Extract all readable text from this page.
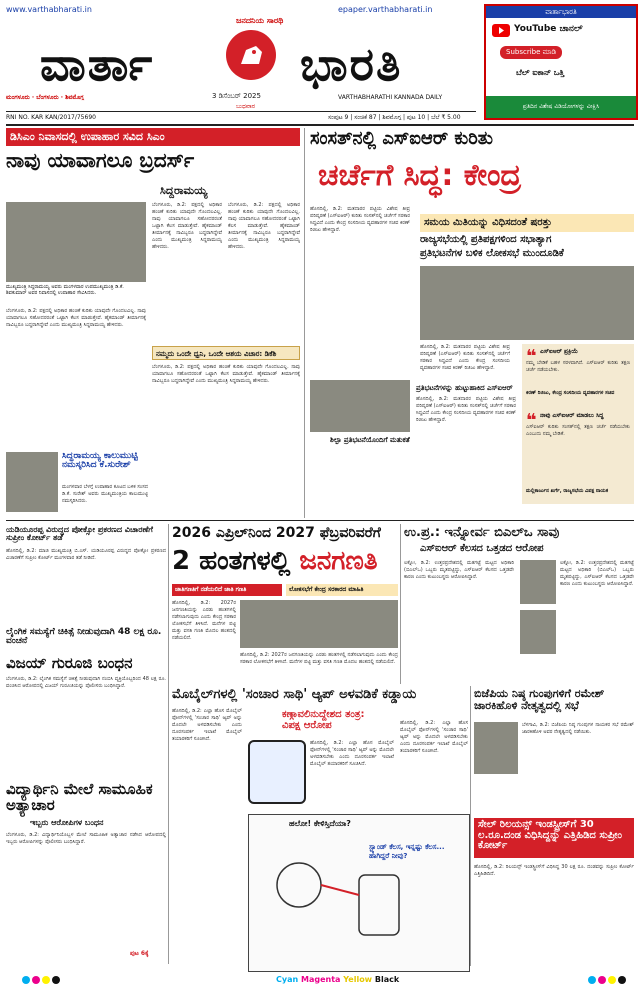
www.varthabharati.in	epaper.varthabharati.in
ಜನದನಿಯ ಸಾರಥಿ
ವಾರ್ತಾ	ಭಾರತಿ
ಮಂಗಳೂರು · ಬೆಂಗಳೂರು · ಶಿವಮೊಗ್ಗ	3 ಡಿಸೆಂಬರ್ 2025
ಬುಧವಾರ
VARTHABHARATHI KANNADA DAILY
RNI NO. KAR KAN/2017/75690	ಸಂಪುಟ 9 | ಸಂಚಿಕೆ 87 | ಶಿವಮೊಗ್ಗ | ಪುಟ 10 | ಬೆಲೆ ₹ 5.00
ವಾರ್ತಾಭಾರತಿ
YouTube ಚಾನಲ್
Subscribe ಮಾಡಿ
ಬೆಲ್ ಐಕಾನ್ ಒತ್ತಿ
ಪ್ರತಿದಿನ ವಿಶೇಷ ವಿಡಿಯೋಗಳನ್ನು ವೀಕ್ಷಿಸಿ
ಡಿಸಿಎಂ ನಿವಾಸದಲ್ಲಿ ಉಪಾಹಾರ ಸವಿದ ಸಿಎಂ
ನಾವು ಯಾವಾಗಲೂ ಬ್ರದರ್ಸ್
ಸಿದ್ದರಾಮಯ್ಯ
ಮುಖ್ಯಮಂತ್ರಿ ಸಿದ್ದರಾಮಯ್ಯ ಅವರು ಮಂಗಳವಾರ ಉಪಮುಖ್ಯಮಂತ್ರಿ ಡಿ.ಕೆ. ಶಿವಕುಮಾರ್ ಅವರ ನಿವಾಸದಲ್ಲಿ ಉಪಾಹಾರ ಸೇವಿಸಿದರು.
ಬೆಂಗಳೂರು, ಡಿ.2: ಪಕ್ಷದಲ್ಲಿ ಅಧಿಕಾರ ಹಂಚಿಕೆ ಕುರಿತು ಯಾವುದೇ ಗೊಂದಲವಿಲ್ಲ. ನಾವು ಯಾವಾಗಲೂ ಸಹೋದರರಂತೆ ಒಟ್ಟಾಗಿ ಕೆಲಸ ಮಾಡುತ್ತೇವೆ. ಹೈಕಮಾಂಡ್ ತೀರ್ಮಾನಕ್ಕೆ ನಾವಿಬ್ಬರೂ ಬದ್ಧರಾಗಿದ್ದೇವೆ ಎಂದು ಮುಖ್ಯಮಂತ್ರಿ ಸಿದ್ದರಾಮಯ್ಯ ಹೇಳಿದರು.
ಬೆಂಗಳೂರು, ಡಿ.2: ಪಕ್ಷದಲ್ಲಿ ಅಧಿಕಾರ ಹಂಚಿಕೆ ಕುರಿತು ಯಾವುದೇ ಗೊಂದಲವಿಲ್ಲ. ನಾವು ಯಾವಾಗಲೂ ಸಹೋದರರಂತೆ ಒಟ್ಟಾಗಿ ಕೆಲಸ ಮಾಡುತ್ತೇವೆ. ಹೈಕಮಾಂಡ್ ತೀರ್ಮಾನಕ್ಕೆ ನಾವಿಬ್ಬರೂ ಬದ್ಧರಾಗಿದ್ದೇವೆ ಎಂದು ಮುಖ್ಯಮಂತ್ರಿ ಸಿದ್ದರಾಮಯ್ಯ ಹೇಳಿದರು.
ಬೆಂಗಳೂರು, ಡಿ.2: ಪಕ್ಷದಲ್ಲಿ ಅಧಿಕಾರ ಹಂಚಿಕೆ ಕುರಿತು ಯಾವುದೇ ಗೊಂದಲವಿಲ್ಲ. ನಾವು ಯಾವಾಗಲೂ ಸಹೋದರರಂತೆ ಒಟ್ಟಾಗಿ ಕೆಲಸ ಮಾಡುತ್ತೇವೆ. ಹೈಕಮಾಂಡ್ ತೀರ್ಮಾನಕ್ಕೆ ನಾವಿಬ್ಬರೂ ಬದ್ಧರಾಗಿದ್ದೇವೆ ಎಂದು ಮುಖ್ಯಮಂತ್ರಿ ಸಿದ್ದರಾಮಯ್ಯ ಹೇಳಿದರು.
ನಮ್ಮದು ಒಂದೇ ಧ್ವನಿ, ಒಂದೇ ಆಶಯ ವಿಚಾರ: ಡಿಕೆಶಿ
ಬೆಂಗಳೂರು, ಡಿ.2: ಪಕ್ಷದಲ್ಲಿ ಅಧಿಕಾರ ಹಂಚಿಕೆ ಕುರಿತು ಯಾವುದೇ ಗೊಂದಲವಿಲ್ಲ. ನಾವು ಯಾವಾಗಲೂ ಸಹೋದರರಂತೆ ಒಟ್ಟಾಗಿ ಕೆಲಸ ಮಾಡುತ್ತೇವೆ. ಹೈಕಮಾಂಡ್ ತೀರ್ಮಾನಕ್ಕೆ ನಾವಿಬ್ಬರೂ ಬದ್ಧರಾಗಿದ್ದೇವೆ ಎಂದು ಮುಖ್ಯಮಂತ್ರಿ ಸಿದ್ದರಾಮಯ್ಯ ಹೇಳಿದರು.
ಸಿದ್ದರಾಮಯ್ಯ ಕಾಲುಮುಟ್ಟಿ ನಮಸ್ಕರಿಸಿದ ಕೆ.ಸುರೇಶ್
ಮಂಗಳವಾರ ಬೆಳಗ್ಗೆ ಉಪಾಹಾರ ಕೂಟದ ಬಳಿಕ ಸಂಸದ ಡಿ.ಕೆ. ಸುರೇಶ್ ಅವರು ಮುಖ್ಯಮಂತ್ರಿಯ ಕಾಲುಮುಟ್ಟಿ ನಮಸ್ಕರಿಸಿದರು.
ಸಂಸತ್‌ನಲ್ಲಿ ಎಸ್‌ಐಆರ್ ಕುರಿತು
ಚರ್ಚೆಗೆ ಸಿದ್ಧ: ಕೇಂದ್ರ
ಹೊಸದಿಲ್ಲಿ, ಡಿ.2: ಮತದಾರರ ಪಟ್ಟಿಯ ವಿಶೇಷ ತೀವ್ರ ಪರಿಷ್ಕರಣೆ (ಎಸ್‌ಐಆರ್) ಕುರಿತು ಸಂಸತ್‌ನಲ್ಲಿ ಚರ್ಚೆಗೆ ಸರಕಾರ ಸಿದ್ಧವಿದೆ ಎಂದು ಕೇಂದ್ರ ಸಂಸದೀಯ ವ್ಯವಹಾರಗಳ ಸಚಿವ ಕಿರಣ್ ರಿಜಿಜು ಹೇಳಿದ್ದಾರೆ.
ಸಮಯ ಮಿತಿಯನ್ನು ವಿಧಿಸದಂತೆ ಷರತ್ತು
ರಾಜ್ಯಸಭೆಯಲ್ಲಿ ಪ್ರತಿಪಕ್ಷಗಳಿಂದ ಸಭಾತ್ಯಾಗ
ಪ್ರತಿಭಟನೆಗಳ ಬಳಿಕ ಲೋಕಸಭೆ ಮುಂದೂಡಿಕೆ
ಹೊಸದಿಲ್ಲಿ, ಡಿ.2: ಮತದಾರರ ಪಟ್ಟಿಯ ವಿಶೇಷ ತೀವ್ರ ಪರಿಷ್ಕರಣೆ (ಎಸ್‌ಐಆರ್) ಕುರಿತು ಸಂಸತ್‌ನಲ್ಲಿ ಚರ್ಚೆಗೆ ಸರಕಾರ ಸಿದ್ಧವಿದೆ ಎಂದು ಕೇಂದ್ರ ಸಂಸದೀಯ ವ್ಯವಹಾರಗಳ ಸಚಿವ ಕಿರಣ್ ರಿಜಿಜು ಹೇಳಿದ್ದಾರೆ.
ಪ್ರತಿಭಟನೆಗಳನ್ನು ಹುಟ್ಟುಹಾಕಿದ ಎಸ್‌ಐಆರ್
ಶಿಲ್ಪಾ ಪ್ರತಿಭಟನೆಯೊಂದಿಗೆ ಮತುಕತೆ
ಹೊಸದಿಲ್ಲಿ, ಡಿ.2: ಮತದಾರರ ಪಟ್ಟಿಯ ವಿಶೇಷ ತೀವ್ರ ಪರಿಷ್ಕರಣೆ (ಎಸ್‌ಐಆರ್) ಕುರಿತು ಸಂಸತ್‌ನಲ್ಲಿ ಚರ್ಚೆಗೆ ಸರಕಾರ ಸಿದ್ಧವಿದೆ ಎಂದು ಕೇಂದ್ರ ಸಂಸದೀಯ ವ್ಯವಹಾರಗಳ ಸಚಿವ ಕಿರಣ್ ರಿಜಿಜು ಹೇಳಿದ್ದಾರೆ.
❝ ಎಸ್‌ಐಆರ್ ಪ್ರಕ್ರಿಯೆ
ನಮ್ಮ ಬೇಡಿಕೆ ಬಹಳ ಸರಳವಾಗಿದೆ. ಎಸ್‌ಐಆರ್ ಕುರಿತು ತಕ್ಷಣ ಚರ್ಚೆ ನಡೆಯಬೇಕು.
ಕಿರಣ್ ರಿಜಿಜು, ಕೇಂದ್ರ ಸಂಸದೀಯ ವ್ಯವಹಾರಗಳ ಸಚಿವ
❝ ನಾವು ಎಸ್‌ಐಆರ್ ಮಾಡಲು ಸಿದ್ಧ
ಎಸ್‌ಐಆರ್ ಕುರಿತು ಸಂಸತ್‌ನಲ್ಲಿ ತಕ್ಷಣ ಚರ್ಚೆ ನಡೆಯಬೇಕು ಎಂಬುದು ನಮ್ಮ ಬೇಡಿಕೆ.
ಮಲ್ಲಿಕಾರ್ಜುನ ಖರ್ಗೆ, ರಾಜ್ಯಸಭೆಯ ವಿಪಕ್ಷ ನಾಯಕ
ಯಡಿಯೂರಪ್ಪ ವಿರುದ್ಧದ ಪೋಕ್ಸೋ ಪ್ರಕರಣದ ವಿಚಾರಣೆಗೆ ಸುಪ್ರೀಂ ಕೋರ್ಟ್ ತಡೆ
ಹೊಸದಿಲ್ಲಿ, ಡಿ.2: ಮಾಜಿ ಮುಖ್ಯಮಂತ್ರಿ ಬಿ.ಎಸ್. ಯಡಿಯೂರಪ್ಪ ವಿರುದ್ಧದ ಪೋಕ್ಸೋ ಪ್ರಕರಣದ ವಿಚಾರಣೆಗೆ ಸುಪ್ರೀಂ ಕೋರ್ಟ್ ಮಂಗಳವಾರ ತಡೆ ನೀಡಿದೆ.
2026 ಎಪ್ರಿಲ್‌ನಿಂದ 2027 ಫೆಬ್ರವರಿವರೆಗೆ
2 ಹಂತಗಳಲ್ಲಿ ಜನಗಣತಿ
ಜಾತಿಗಣತಿಗೆ ನಡೆಯಲಿದೆ ಜಾತಿ ಗಣತಿ	ಲೋಕಸಭೆಗೆ ಕೇಂದ್ರ ಸರಕಾರದ ಮಾಹಿತಿ
ಹೊಸದಿಲ್ಲಿ, ಡಿ.2: 2027ರ ಜನಗಣತಿಯನ್ನು ಎರಡು ಹಂತಗಳಲ್ಲಿ ನಡೆಸಲಾಗುವುದು ಎಂದು ಕೇಂದ್ರ ಸರಕಾರ ಲೋಕಸಭೆಗೆ ತಿಳಿಸಿದೆ. ಮನೆಗಳ ಪಟ್ಟಿ ಮತ್ತು ವಸತಿ ಗಣತಿ ಮೊದಲ ಹಂತದಲ್ಲಿ ನಡೆಯಲಿದೆ.
ಹೊಸದಿಲ್ಲಿ, ಡಿ.2: 2027ರ ಜನಗಣತಿಯನ್ನು ಎರಡು ಹಂತಗಳಲ್ಲಿ ನಡೆಸಲಾಗುವುದು ಎಂದು ಕೇಂದ್ರ ಸರಕಾರ ಲೋಕಸಭೆಗೆ ತಿಳಿಸಿದೆ. ಮನೆಗಳ ಪಟ್ಟಿ ಮತ್ತು ವಸತಿ ಗಣತಿ ಮೊದಲ ಹಂತದಲ್ಲಿ ನಡೆಯಲಿದೆ.
ಉ.ಪ್ರ.: ಇನ್ನೋರ್ವ ಬಿಎಲ್‌ಒ ಸಾವು
ಎಸ್‌ಐಆರ್ ಕೆಲಸದ ಒತ್ತಡದ ಆರೋಪ
ಲಕ್ನೋ, ಡಿ.2: ಉತ್ತರಪ್ರದೇಶದಲ್ಲಿ ಮತಗಟ್ಟೆ ಮಟ್ಟದ ಅಧಿಕಾರಿ (ಬಿಎಲ್‌ಒ) ಒಬ್ಬರು ಮೃತಪಟ್ಟಿದ್ದು, ಎಸ್‌ಐಆರ್ ಕೆಲಸದ ಒತ್ತಡವೇ ಕಾರಣ ಎಂದು ಕುಟುಂಬಸ್ಥರು ಆರೋಪಿಸಿದ್ದಾರೆ.
ಲಕ್ನೋ, ಡಿ.2: ಉತ್ತರಪ್ರದೇಶದಲ್ಲಿ ಮತಗಟ್ಟೆ ಮಟ್ಟದ ಅಧಿಕಾರಿ (ಬಿಎಲ್‌ಒ) ಒಬ್ಬರು ಮೃತಪಟ್ಟಿದ್ದು, ಎಸ್‌ಐಆರ್ ಕೆಲಸದ ಒತ್ತಡವೇ ಕಾರಣ ಎಂದು ಕುಟುಂಬಸ್ಥರು ಆರೋಪಿಸಿದ್ದಾರೆ.
ಲೈಂಗಿಕ ಸಮಸ್ಯೆಗೆ ಚಿಕಿತ್ಸೆ ನೀಡುವುದಾಗಿ 48 ಲಕ್ಷ ರೂ. ವಂಚನೆ
ವಿಜಯ್ ಗುರೂಜಿ ಬಂಧನ
ಬೆಂಗಳೂರು, ಡಿ.2: ಲೈಂಗಿಕ ಸಮಸ್ಯೆಗೆ ಚಿಕಿತ್ಸೆ ನೀಡುವುದಾಗಿ ನಂಬಿಸಿ ವ್ಯಕ್ತಿಯೊಬ್ಬರಿಂದ 48 ಲಕ್ಷ ರೂ. ವಂಚಿಸಿದ ಆರೋಪದಲ್ಲಿ ವಿಜಯ್ ಗುರೂಜಿಯನ್ನು ಪೊಲೀಸರು ಬಂಧಿಸಿದ್ದಾರೆ.
ಮೊಬೈಲ್‌ಗಳಲ್ಲಿ 'ಸಂಚಾರ ಸಾಥಿ' ಆ್ಯಪ್ ಅಳವಡಿಕೆ ಕಡ್ಡಾಯ
ಕಣ್ಗಾವಲಿನುದ್ದೇಶದ ತಂತ್ರ:
ವಿಪಕ್ಷ ಆರೋಪ
ಹೊಸದಿಲ್ಲಿ, ಡಿ.2: ಎಲ್ಲಾ ಹೊಸ ಮೊಬೈಲ್ ಫೋನ್‌ಗಳಲ್ಲಿ 'ಸಂಚಾರ ಸಾಥಿ' ಆ್ಯಪ್ ಅನ್ನು ಮೊದಲೇ ಅಳವಡಿಸಬೇಕು ಎಂದು ದೂರಸಂಪರ್ಕ ಇಲಾಖೆ ಮೊಬೈಲ್ ತಯಾರಕರಿಗೆ ಸೂಚಿಸಿದೆ.
ಹೊಸದಿಲ್ಲಿ, ಡಿ.2: ಎಲ್ಲಾ ಹೊಸ ಮೊಬೈಲ್ ಫೋನ್‌ಗಳಲ್ಲಿ 'ಸಂಚಾರ ಸಾಥಿ' ಆ್ಯಪ್ ಅನ್ನು ಮೊದಲೇ ಅಳವಡಿಸಬೇಕು ಎಂದು ದೂರಸಂಪರ್ಕ ಇಲಾಖೆ ಮೊಬೈಲ್ ತಯಾರಕರಿಗೆ ಸೂಚಿಸಿದೆ.
ಹೊಸದಿಲ್ಲಿ, ಡಿ.2: ಎಲ್ಲಾ ಹೊಸ ಮೊಬೈಲ್ ಫೋನ್‌ಗಳಲ್ಲಿ 'ಸಂಚಾರ ಸಾಥಿ' ಆ್ಯಪ್ ಅನ್ನು ಮೊದಲೇ ಅಳವಡಿಸಬೇಕು ಎಂದು ದೂರಸಂಪರ್ಕ ಇಲಾಖೆ ಮೊಬೈಲ್ ತಯಾರಕರಿಗೆ ಸೂಚಿಸಿದೆ.
ಹಲೋ! ಕೇಳಿಸ್ತಿದೆಯಾ?
ಸ್ಟ್ಯಾಂಡ್ ಕೆಲಸ, ಇನ್ನಷ್ಟು ಕೆಲಸ... ಹಾಗಿದ್ದರೆ ನೀವು?
ವಿದ್ಯಾರ್ಥಿನಿ ಮೇಲೆ ಸಾಮೂಹಿಕ ಅತ್ಯಾಚಾರ
ಇಬ್ಬರು ಆರೋಪಿಗಳ ಬಂಧನ
ಬೆಂಗಳೂರು, ಡಿ.2: ವಿದ್ಯಾರ್ಥಿನಿಯೊಬ್ಬಳ ಮೇಲೆ ಸಾಮೂಹಿಕ ಅತ್ಯಾಚಾರ ನಡೆಸಿದ ಆರೋಪದಲ್ಲಿ ಇಬ್ಬರು ಆರೋಪಿಗಳನ್ನು ಪೊಲೀಸರು ಬಂಧಿಸಿದ್ದಾರೆ.
ಬಿಜೆಪಿಯ ನಿಷ್ಠ ಗುಂಪುಗಳಿಗೆ ರಮೇಶ್ ಜಾರಕಿಹೊಳಿ ನೇತೃತ್ವದಲ್ಲಿ ಸಭೆ
ಬೆಳಗಾವಿ, ಡಿ.2: ಬಿಜೆಪಿಯ ನಿಷ್ಠ ಗುಂಪುಗಳ ನಾಯಕರ ಸಭೆ ರಮೇಶ್ ಜಾರಕಿಹೊಳಿ ಅವರ ನೇತೃತ್ವದಲ್ಲಿ ನಡೆಯಿತು.
ಸೇಲ್ ರಿಲಯನ್ಸ್ ಇಂಡಸ್ಟ್ರೀಸ್‌ಗೆ 30 ಲ.ರೂ.ದಂಡ ವಿಧಿಸಿದ್ದನ್ನು ಎತ್ತಿಹಿಡಿದ ಸುಪ್ರೀಂ ಕೋರ್ಟ್
ಹೊಸದಿಲ್ಲಿ, ಡಿ.2: ರಿಲಯನ್ಸ್ ಇಂಡಸ್ಟ್ರೀಸ್‌ಗೆ ವಿಧಿಸಿದ್ದ 30 ಲಕ್ಷ ರೂ. ದಂಡವನ್ನು ಸುಪ್ರೀಂ ಕೋರ್ಟ್ ಎತ್ತಿಹಿಡಿದಿದೆ.
ಪುಟ 6ಕ್ಕೆ
Cyan Magenta Yellow Black
